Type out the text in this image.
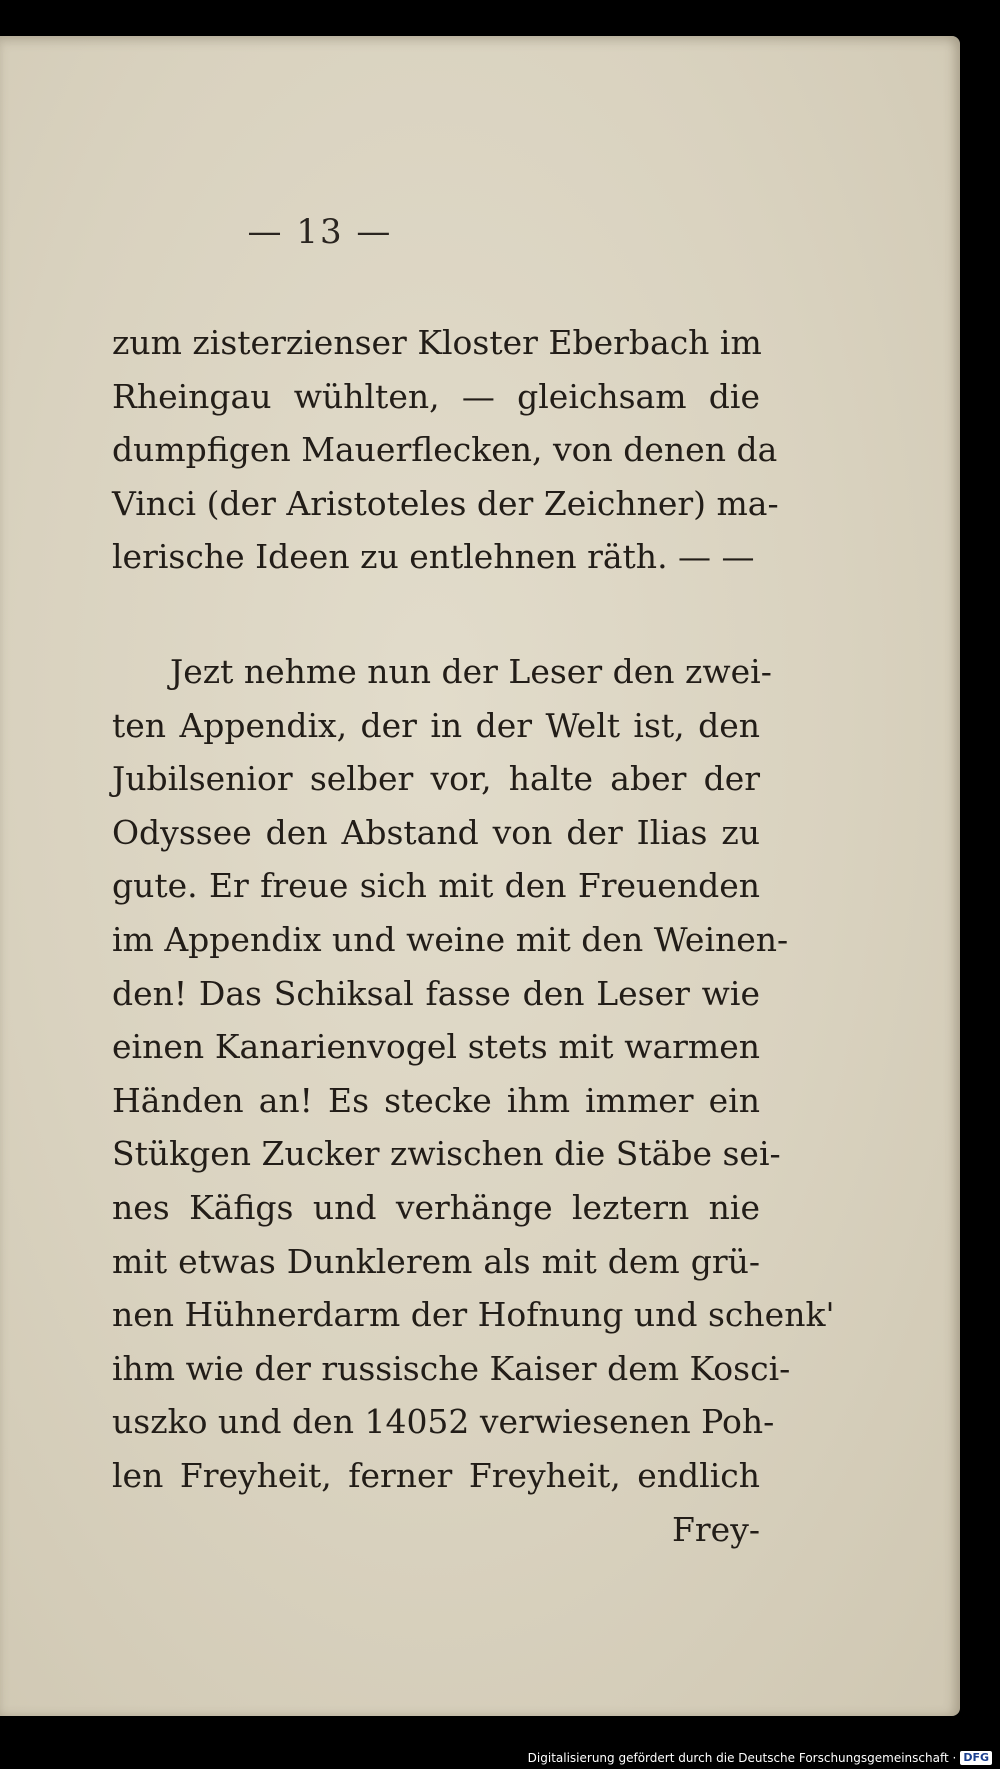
— 13 —
zum zisterzienser Kloster Eberbach im
Rheingau wühlten, — gleichsam die
dumpfigen Mauerflecken, von denen da
Vinci (der Aristoteles der Zeichner) ma-
lerische Ideen zu entlehnen räth. — —
Jezt nehme nun der Leser den zwei-
ten Appendix, der in der Welt ist, den
Jubilsenior selber vor, halte aber der
Odyssee den Abstand von der Ilias zu
gute. Er freue sich mit den Freuenden
im Appendix und weine mit den Weinen-
den! Das Schiksal fasse den Leser wie
einen Kanarienvogel stets mit warmen
Händen an! Es stecke ihm immer ein
Stükgen Zucker zwischen die Stäbe sei-
nes Käfigs und verhänge leztern nie
mit etwas Dunklerem als mit dem grü-
nen Hühnerdarm der Hofnung und schenk'
ihm wie der russische Kaiser dem Kosci-
uszko und den 14052 verwiesenen Poh-
len Freyheit, ferner Freyheit, endlich
Frey-
Digitalisierung gefördert durch die Deutsche Forschungsgemeinschaft · DFG
